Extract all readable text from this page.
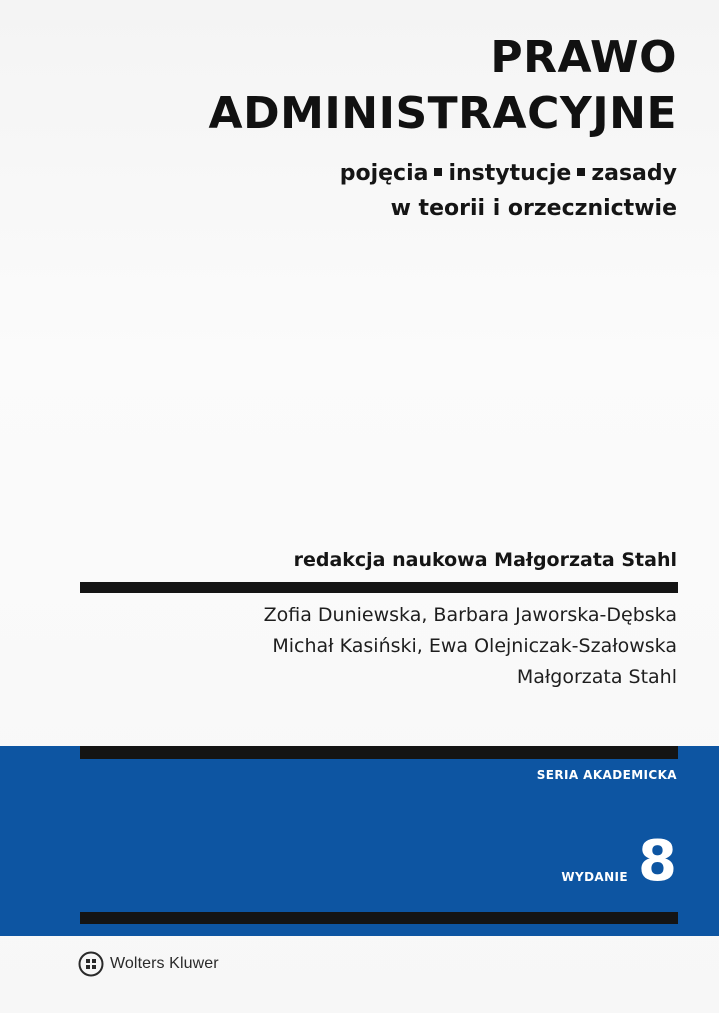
PRAWO
ADMINISTRACYJNE
pojęcia instytucje zasady
w teorii i orzecznictwie
redakcja naukowa Małgorzata Stahl
Zofia Duniewska, Barbara Jaworska-Dębska
Michał Kasiński, Ewa Olejniczak-Szałowska
Małgorzata Stahl
SERIA AKADEMICKA
WYDANIE 8
Wolters Kluwer
